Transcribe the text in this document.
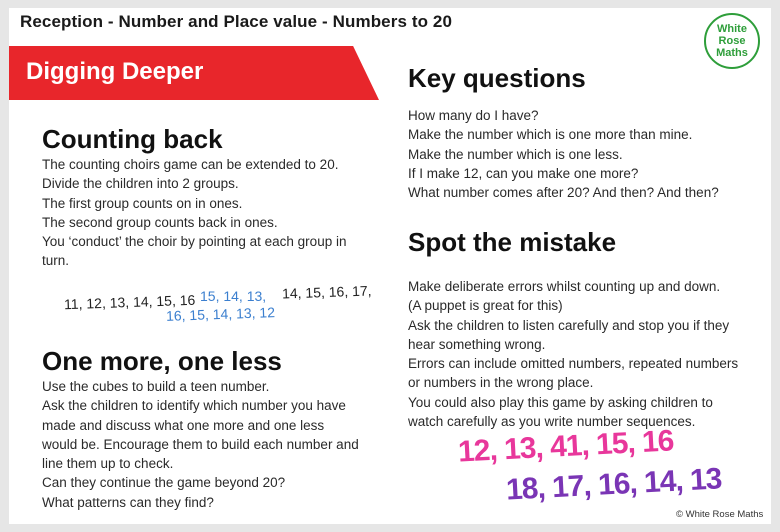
Reception - Number and Place value - Numbers to 20	White
Rose
Maths
Digging Deeper
Counting back
The counting choirs game can be extended to 20.
Divide the children into 2 groups.
The first group counts on in ones.
The second group counts back in ones.
You ‘conduct’ the choir by pointing at each group in
turn.
11, 12, 13, 14, 15, 16 15, 14, 13,
16, 15, 14, 13, 12
14, 15, 16, 17,
One more, one less
Use the cubes to build a teen number.
Ask the children to identify which number you have
made and discuss what one more and one less
would be. Encourage them to build each number and
line them up to check.
Can they continue the game beyond 20?
What patterns can they find?
Key questions
How many do I have?
Make the number which is one more than mine.
Make the number which is one less.
If I make 12, can you make one more?
What number comes after 20? And then? And then?
Spot the mistake
Make deliberate errors whilst counting up and down.
(A puppet is great for this)
Ask the children to listen carefully and stop you if they
hear something wrong.
Errors can include omitted numbers, repeated numbers
or numbers in the wrong place.
You could also play this game by asking children to
watch carefully as you write number sequences.
12, 13, 41, 15, 16
18, 17, 16, 14, 13
© White Rose Maths
